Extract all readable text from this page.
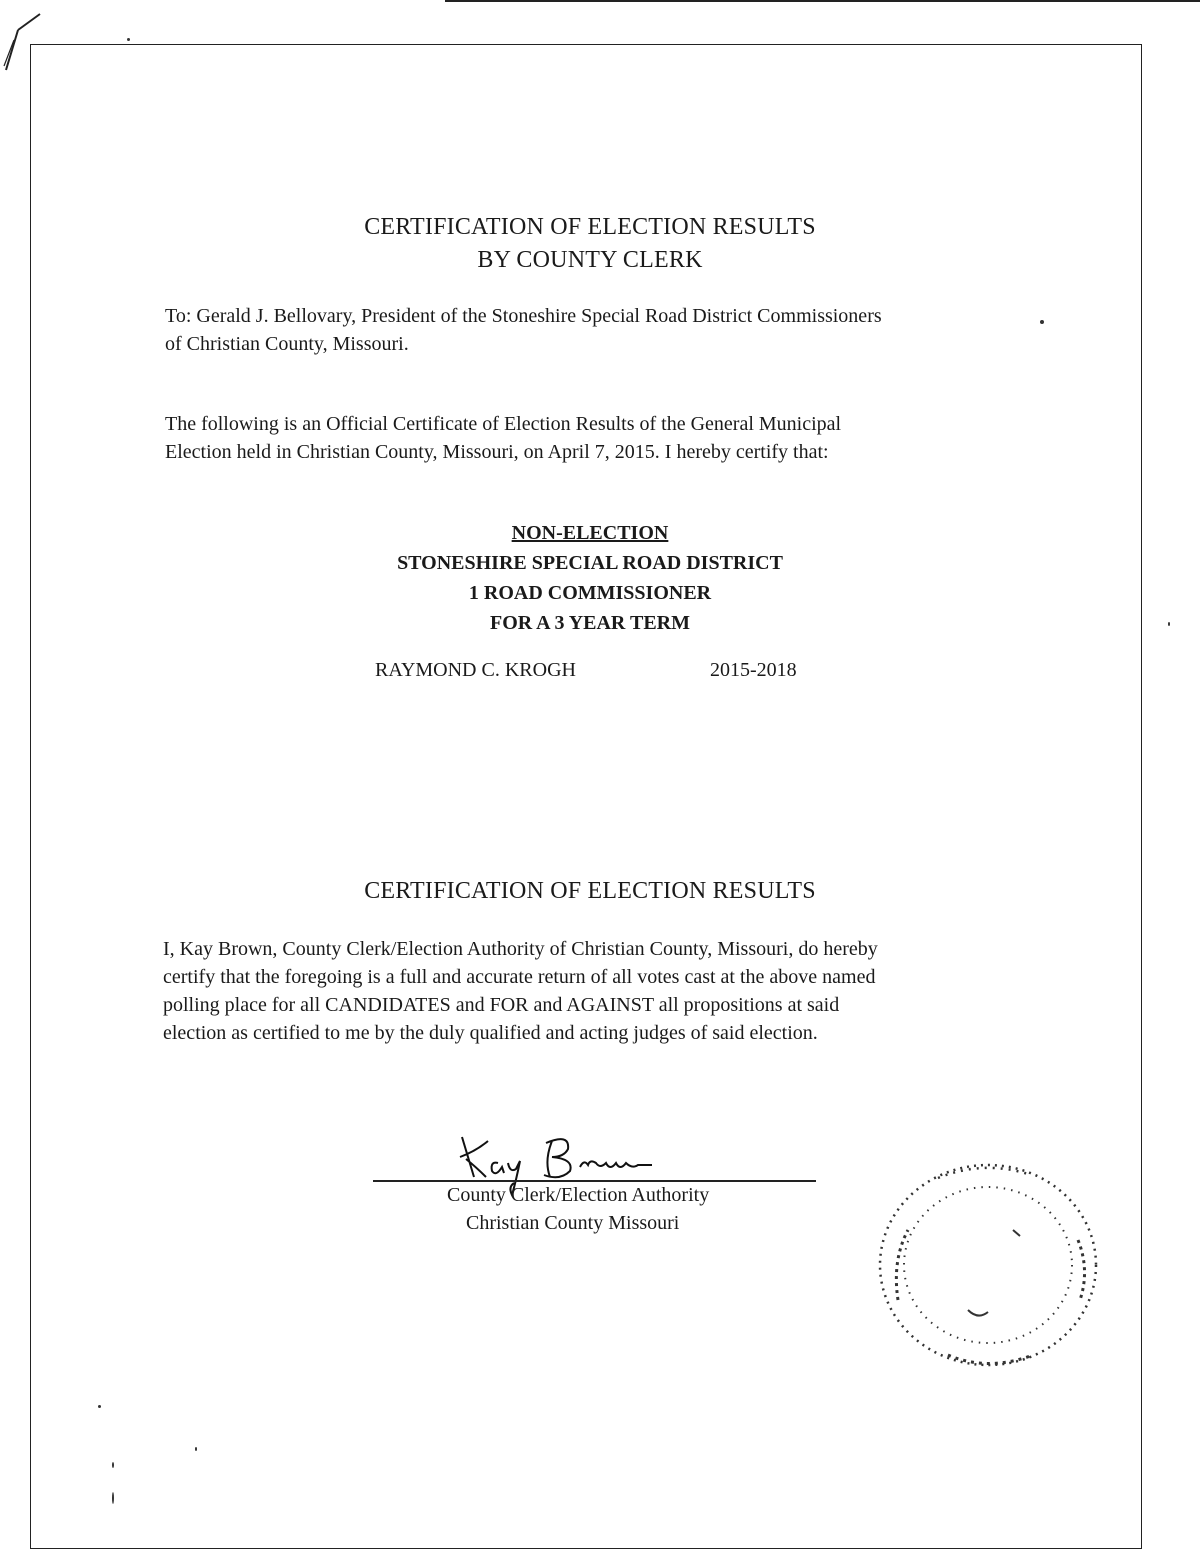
CERTIFICATION OF ELECTION RESULTS
BY COUNTY CLERK
To: Gerald J. Bellovary, President of the Stoneshire Special Road District Commissioners
of Christian County, Missouri.
The following is an Official Certificate of Election Results of the General Municipal
Election held in Christian County, Missouri, on April 7, 2015. I hereby certify that:
NON-ELECTION
STONESHIRE SPECIAL ROAD DISTRICT
1 ROAD COMMISSIONER
FOR A 3 YEAR TERM
RAYMOND C. KROGH	2015-2018
CERTIFICATION OF ELECTION RESULTS
I, Kay Brown, County Clerk/Election Authority of Christian County, Missouri, do hereby
certify that the foregoing is a full and accurate return of all votes cast at the above named
polling place for all CANDIDATES and FOR and AGAINST all propositions at said
election as certified to me by the duly qualified and acting judges of said election.
County Clerk/Election Authority
Christian County Missouri
